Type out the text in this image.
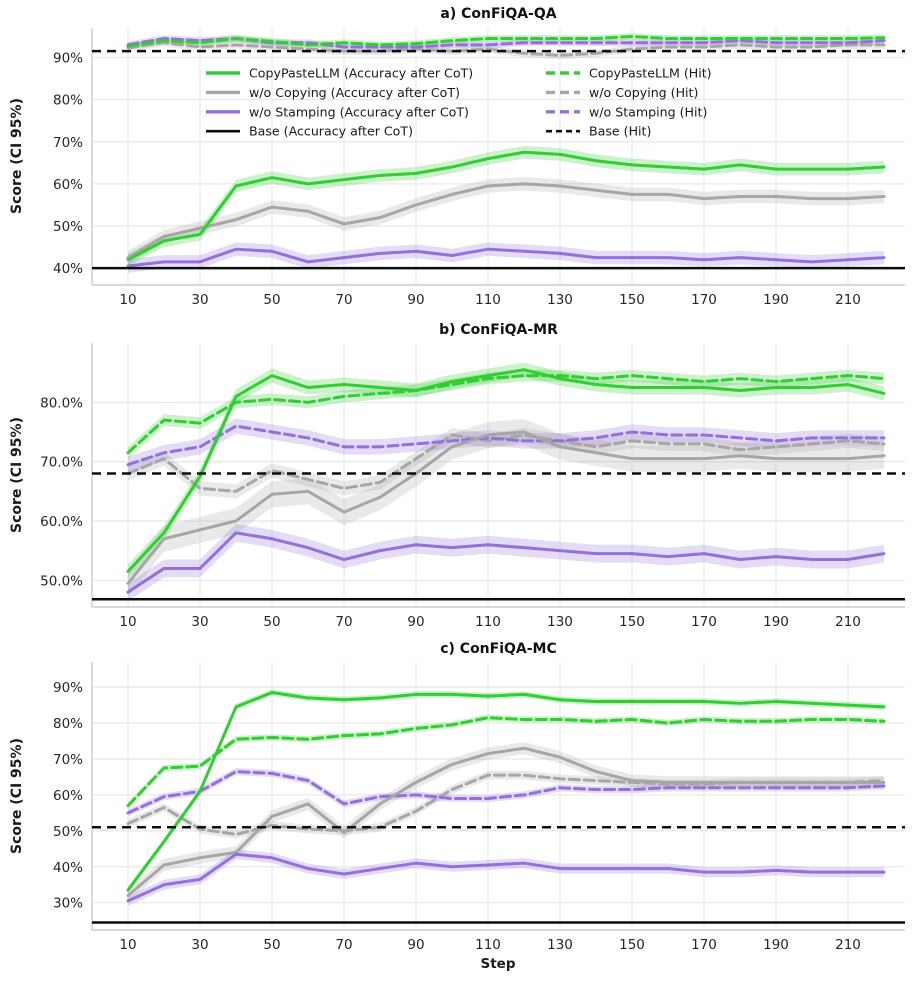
40%
50%
60%
70%
80%
90%
10	30	50	70	90	110	130	150	170	190	210
a) ConFiQA-QA
50.0%
60.0%
70.0%
80.0%
10	30	50	70	90	110	130	150	170	190	210
b) ConFiQA-MR
30%
40%
50%
60%
70%
80%
90%
10	30	50	70	90	110	130	150	170	190	210
c) ConFiQA-MC
CopyPasteLLM (Accuracy after CoT)
w/o Copying (Accuracy after CoT)
w/o Stamping (Accuracy after CoT)
Base (Accuracy after CoT)
CopyPasteLLM (Hit)
w/o Copying (Hit)
w/o Stamping (Hit)
Base (Hit)
Score (CI 95%)
Score (CI 95%)
Score (CI 95%)
Step
